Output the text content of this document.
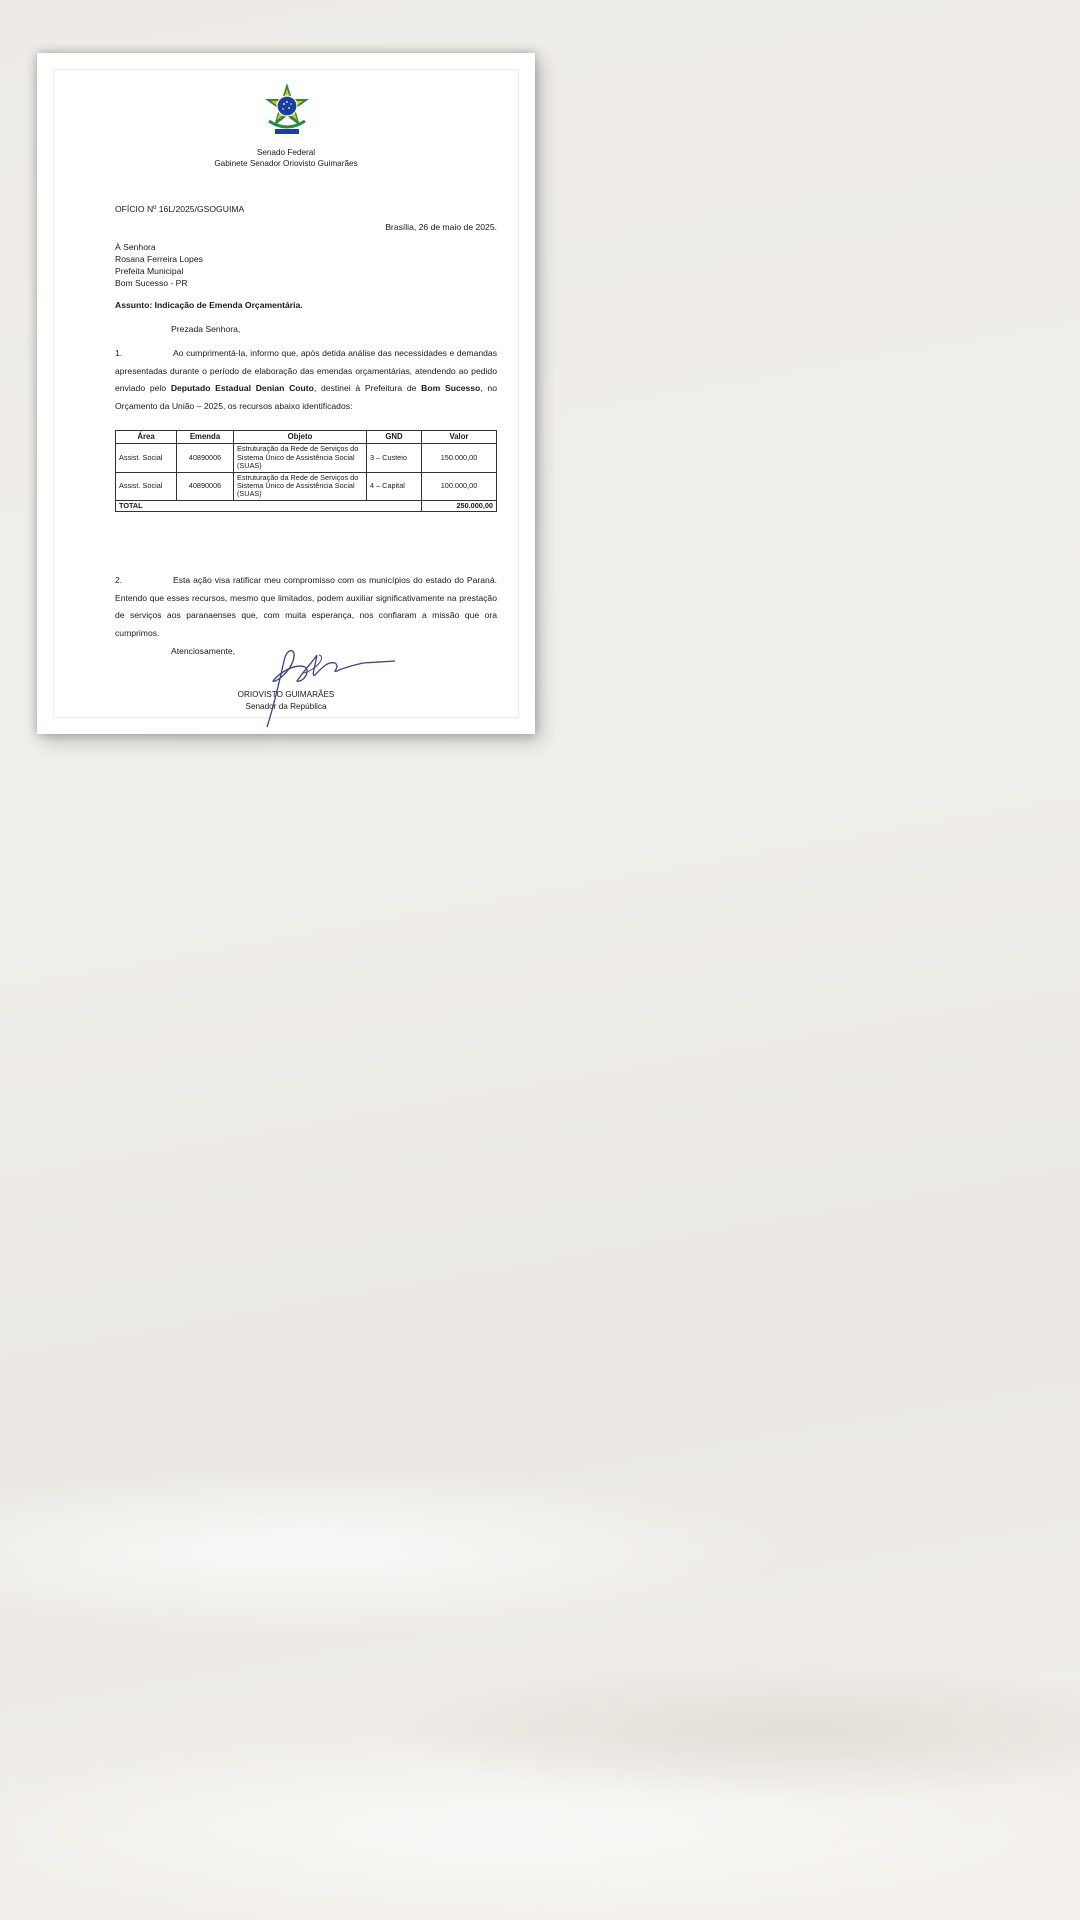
Senado Federal
Gabinete Senador Oriovisto Guimarães
OFÍCIO Nº 16L/2025/GSOGUIMA
Brasília, 26 de maio de 2025.
À Senhora
Rosana Ferreira Lopes
Prefeita Municipal
Bom Sucesso - PR
Assunto: Indicação de Emenda Orçamentária.
Prezada Senhora,
1.	Ao cumprimentá-la, informo que, após detida análise das necessidades e demandas apresentadas durante o período de elaboração das emendas orçamentárias, atendendo ao pedido enviado pelo Deputado Estadual Denian Couto, destinei à Prefeitura de Bom Sucesso, no Orçamento da União – 2025, os recursos abaixo identificados:
Área	Emenda	Objeto	GND	Valor
Assist. Social	40890006	Estruturação da Rede de Serviços do Sistema Único de Assistência Social (SUAS)	3 – Custeio	150.000,00
Assist. Social	40890006	Estruturação da Rede de Serviços do Sistema Único de Assistência Social (SUAS)	4 – Capital	100.000,00
TOTAL				250.000,00
2.	Esta ação visa ratificar meu compromisso com os municípios do estado do Paraná. Entendo que esses recursos, mesmo que limitados, podem auxiliar significativamente na prestação de serviços aos paranaenses que, com muita esperança, nos confiaram a missão que ora cumprimos.
Atenciosamente,
ORIOVISTO GUIMARÃES
Senador da República
